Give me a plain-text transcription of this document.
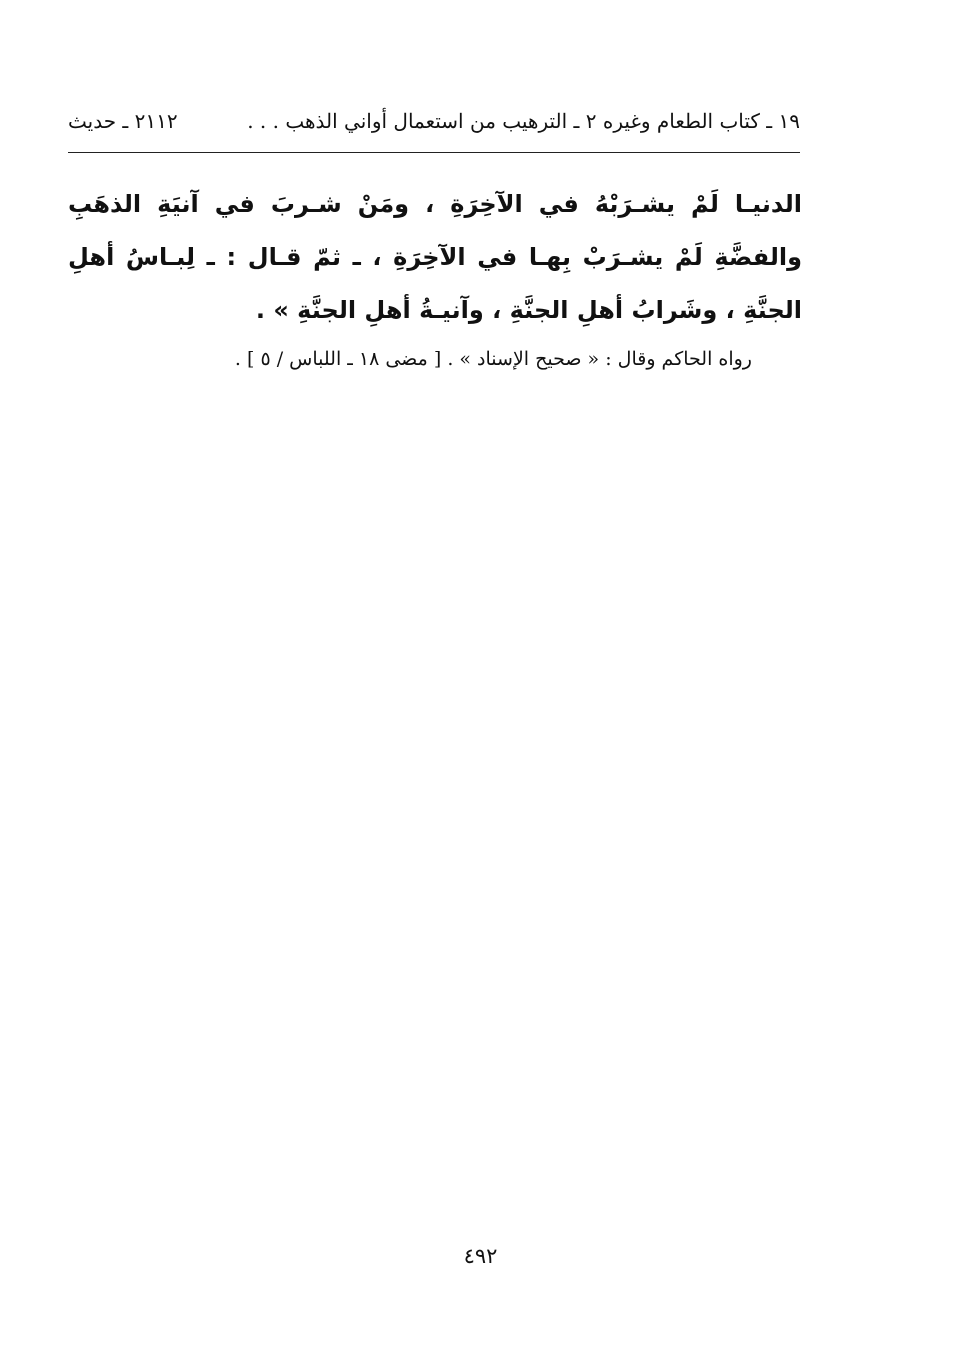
١٩ ـ كتاب الطعام وغيره ٢ ـ الترهيب من استعمال أواني الذهب . . .
٢١١٢ ـ حديث

الدنيـا لَمْ يشـرَبْهُ في الآخِرَةِ ، ومَنْ شـربَ في آنيَةِ الذهَبِ والفضَّةِ لَمْ يشـرَبْ بِهـا في الآخِرَةِ ، ـ ثمّ قـال : ـ لِبـاسُ أهلِ الجنَّةِ ، وشَرابُ أهلِ الجنَّةِ ، وآنيـةُ أهلِ الجنَّةِ » .

رواه الحاكم وقال : « صحيح الإسناد » . [ مضى ١٨ ـ اللباس / ٥ ] .

٤٩٢
